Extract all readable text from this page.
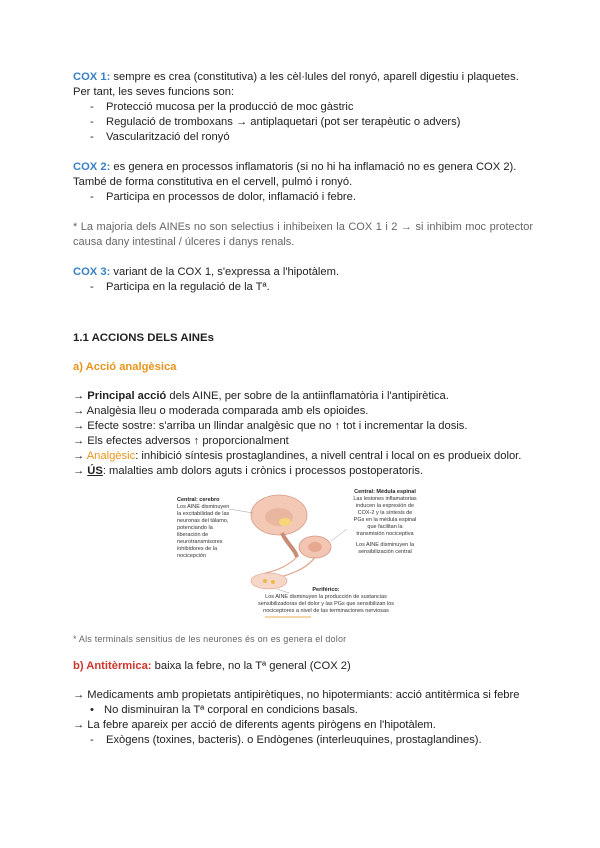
COX 1: sempre es crea (constitutiva) a les cèl·lules del ronyó, aparell digestiu i plaquetes.

Per tant, les seves funcions son:

- Protecció mucosa per la producció de moc gàstric
- Regulació de tromboxans → antiplaquetari (pot ser terapèutic o advers)
- Vascularització del ronyó

COX 2: es genera en processos inflamatoris (si no hi ha inflamació no es genera COX 2).

També de forma constitutiva en el cervell, pulmó i ronyó.

- Participa en processos de dolor, inflamació i febre.

* La majoria dels AINEs no son selectius i inhibeixen la COX 1 i 2 → si inhibim moc protector causa dany intestinal / úlceres i danys renals.

COX 3: variant de la COX 1, s'expressa a l'hipotàlem.

- Participa en la regulació de la Tª.

1.1 ACCIONS DELS AINEs

a) Acció analgèsica

→ Principal acció dels AINE, per sobre de la antiinflamatòria i l'antipirètica.

→ Analgèsia lleu o moderada comparada amb els opioides.

→ Efecte sostre: s'arriba un llindar analgèsic que no ↑ tot i incrementar la dosis.

→ Els efectes adversos ↑ proporcionalment

→ Analgèsic: inhibició síntesis prostaglandines, a nivell central i local on es produeix dolor.

→ ÚS: malalties amb dolors aguts i crònics i processos postoperatoris.

Central: cerebro
Los AINE disminuyen la excitabilidad de las neuronas del tálamo, potenciando la liberación de neurotransmisores inhibidores de la nocicepción
Central: Médula espinal
Las lesiones inflamatorias inducen la expresión de COX-2 y la síntesis de PGs en la médula espinal que facilitan la transmisión nociceptiva
Los AINE disminuyen la sensibilización central
Periférico:
Los AINE disminuyen la producción de sustancias sensibilizadoras del dolor y las PGs que sensibilizan los nociceptores a nivel de las terminaciones nerviosas

* Als terminals sensitius de les neurones és on es genera el dolor

b) Antitèrmica: baixa la febre, no la Tª general (COX 2)

→ Medicaments amb propietats antipirètiques, no hipotermiants: acció antitèrmica si febre

• No disminuiran la Tª corporal en condicions basals.

→ La febre apareix per acció de diferents agents pirògens en l'hipotàlem.

- Exògens (toxines, bacteris). o Endògenes (interleuquines, prostaglandines).
